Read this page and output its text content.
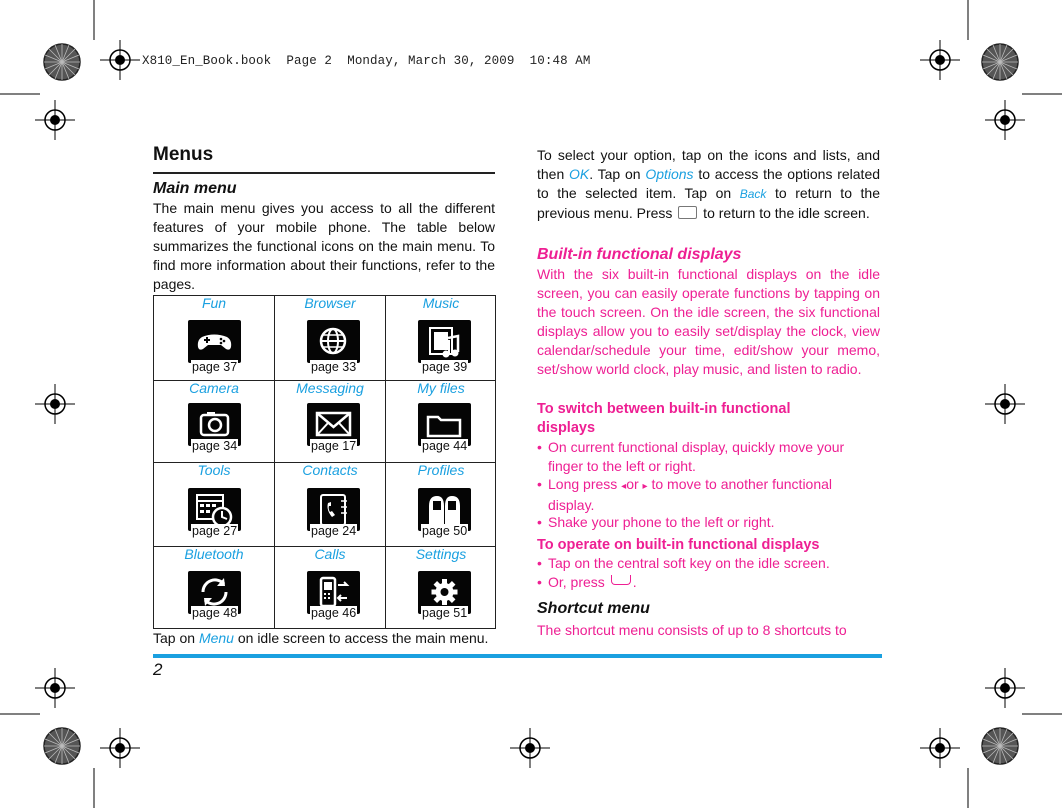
X810_En_Book.book  Page 2  Monday, March 30, 2009  10:48 AM
Menus
Main menu
The main menu gives you access to all the different features of your mobile phone. The table below summarizes the functional icons on the main menu. To find more information about their functions, refer to the pages.
Fun
page 37
Browser
page 33
Music
page 39
Camera
page 34
Messaging
page 17
My files
page 44
Tools
page 27
Contacts
page 24
Profiles
page 50
Bluetooth
page 48
Calls
page 46
Settings
page 51
Tap on Menu on idle screen to access the main menu.
2
To select your option, tap on the icons and lists, and then OK. Tap on Options to access the options related to the selected item. Tap on Back to return to the previous menu. Press  to return to the idle screen.
Built-in functional displays
With the six built-in functional displays on the idle screen, you can easily operate functions by tapping on the touch screen. On the idle screen, the six functional displays allow you to easily set/display the clock, view calendar/schedule your time, edit/show your memo, set/show world clock, play music, and listen to radio.
To switch between built-in functional displays
• On current functional display, quickly move your finger to the left or right.
• Long press ◂or ▸ to move to another functional display.
• Shake your phone to the left or right.
To operate on built-in functional displays
• Tap on the central soft key on the idle screen.
• Or, press .
Shortcut menu
The shortcut menu consists of up to 8 shortcuts to
